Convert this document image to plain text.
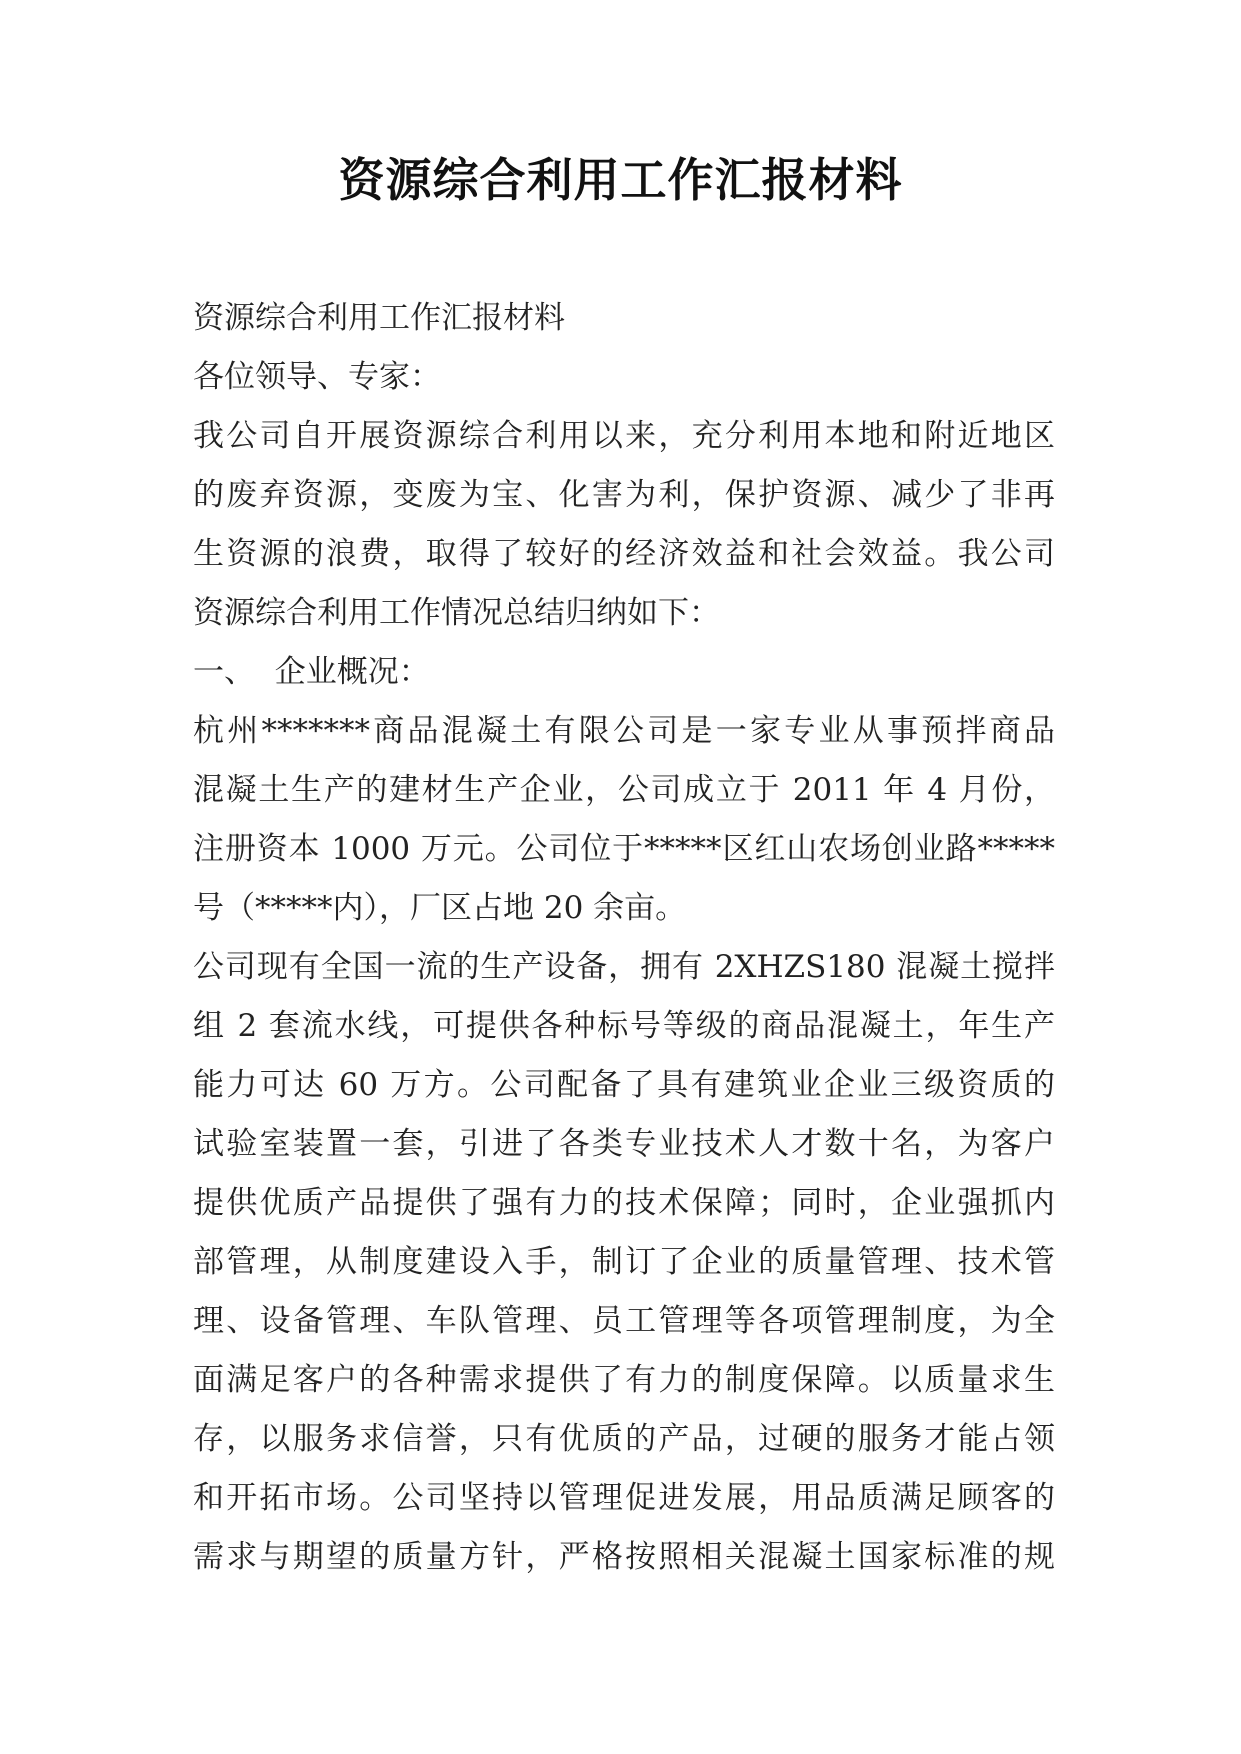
资源综合利用工作汇报材料
资源综合利用工作汇报材料
各位领导、专家：
我公司自开展资源综合利用以来，充分利用本地和附近地区
的废弃资源，变废为宝、化害为利，保护资源、减少了非再
生资源的浪费，取得了较好的经济效益和社会效益。我公司
资源综合利用工作情况总结归纳如下：
一、  企业概况：
杭州*******商品混凝土有限公司是一家专业从事预拌商品
混凝土生产的建材生产企业，公司成立于 2011 年 4 月份，
注册资本 1000 万元。公司位于*****区红山农场创业路*****
号（*****内），厂区占地 20 余亩。
公司现有全国一流的生产设备，拥有 2XHZS180 混凝土搅拌
组 2 套流水线，可提供各种标号等级的商品混凝土，年生产
能力可达 60 万方。公司配备了具有建筑业企业三级资质的
试验室装置一套，引进了各类专业技术人才数十名，为客户
提供优质产品提供了强有力的技术保障；同时，企业强抓内
部管理，从制度建设入手，制订了企业的质量管理、技术管
理、设备管理、车队管理、员工管理等各项管理制度，为全
面满足客户的各种需求提供了有力的制度保障。以质量求生
存，以服务求信誉，只有优质的产品，过硬的服务才能占领
和开拓市场。公司坚持以管理促进发展，用品质满足顾客的
需求与期望的质量方针，严格按照相关混凝土国家标准的规
